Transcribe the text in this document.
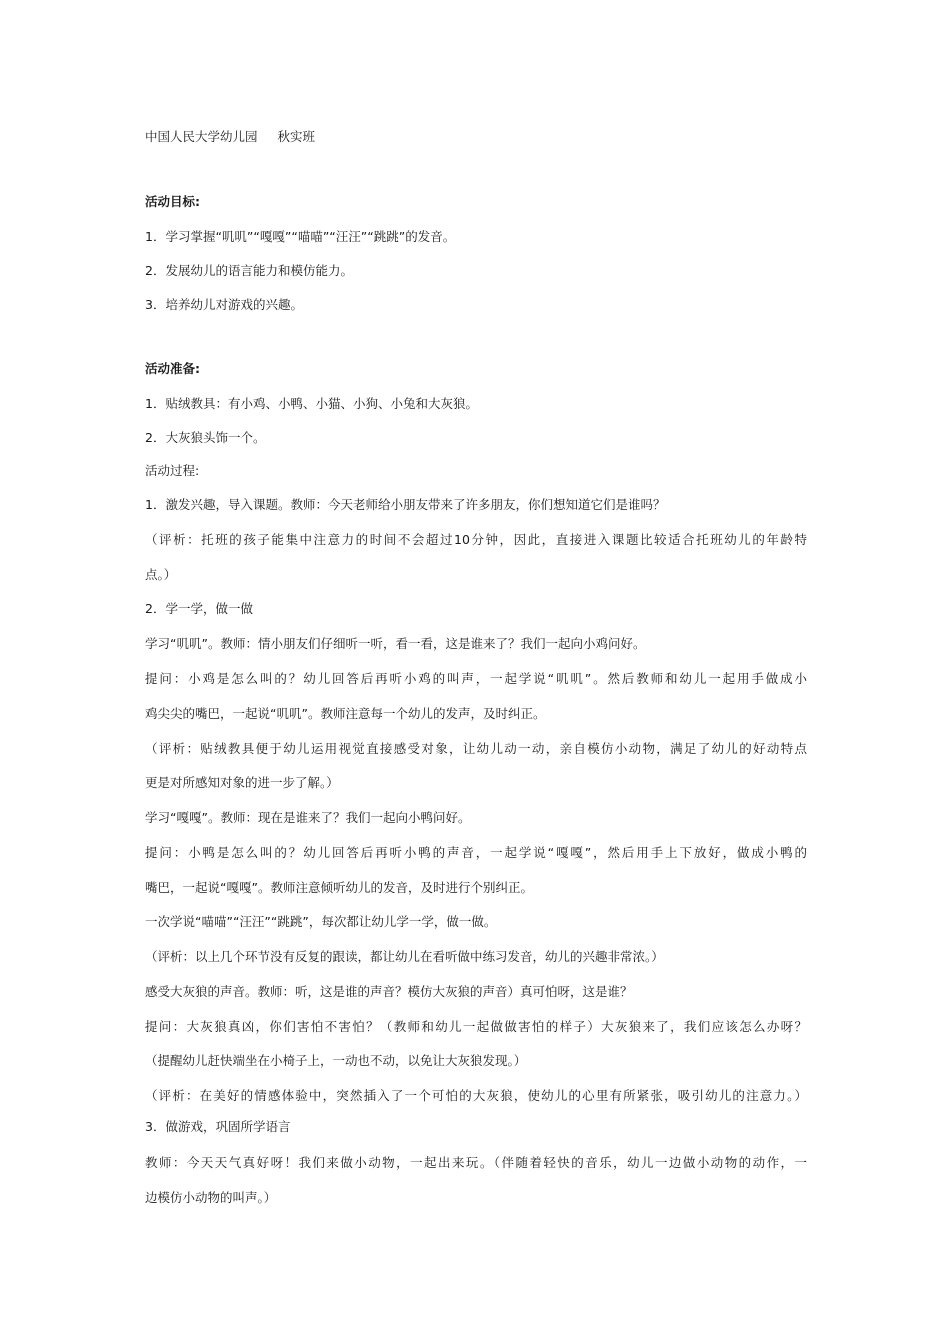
中国人民大学幼儿园 秋实班
活动目标:
1．学习掌握“叽叽”“嘎嘎”“喵喵”“汪汪”“跳跳”的发音。
2．发展幼儿的语言能力和模仿能力。
3．培养幼儿对游戏的兴趣。
活动准备:
1．贴绒教具：有小鸡、小鸭、小猫、小狗、小兔和大灰狼。
2．大灰狼头饰一个。
活动过程:
1．激发兴趣，导入课题。教师：今天老师给小朋友带来了许多朋友，你们想知道它们是谁吗？
（评析：托班的孩子能集中注意力的时间不会超过10分钟，因此，直接进入课题比较适合托班幼儿的年龄特
点。）
2．学一学，做一做
学习“叽叽”。教师：情小朋友们仔细听一听，看一看，这是谁来了？我们一起向小鸡问好。
提问：小鸡是怎么叫的？幼儿回答后再听小鸡的叫声，一起学说“叽叽”。然后教师和幼儿一起用手做成小
鸡尖尖的嘴巴，一起说“叽叽”。教师注意每一个幼儿的发声，及时纠正。
（评析：贴绒教具便于幼儿运用视觉直接感受对象，让幼儿动一动，亲自模仿小动物，满足了幼儿的好动特点
更是对所感知对象的进一步了解。）
学习“嘎嘎”。教师：现在是谁来了？我们一起向小鸭问好。
提问：小鸭是怎么叫的？幼儿回答后再听小鸭的声音，一起学说“嘎嘎”，然后用手上下放好，做成小鸭的
嘴巴，一起说“嘎嘎”。教师注意倾听幼儿的发音，及时进行个别纠正。
一次学说“喵喵”“汪汪”“跳跳”，每次都让幼儿学一学，做一做。
（评析：以上几个环节没有反复的跟读，都让幼儿在看听做中练习发音，幼儿的兴趣非常浓。）
感受大灰狼的声音。教师：听，这是谁的声音？模仿大灰狼的声音）真可怕呀，这是谁？
提问：大灰狼真凶，你们害怕不害怕？（教师和幼儿一起做做害怕的样子）大灰狼来了，我们应该怎么办呀？
（提醒幼儿赶快端坐在小椅子上，一动也不动，以免让大灰狼发现。）
（评析：在美好的情感体验中，突然插入了一个可怕的大灰狼，使幼儿的心里有所紧张，吸引幼儿的注意力。）
3．做游戏，巩固所学语言
教师：今天天气真好呀！我们来做小动物，一起出来玩。（伴随着轻快的音乐，幼儿一边做小动物的动作，一
边模仿小动物的叫声。）
